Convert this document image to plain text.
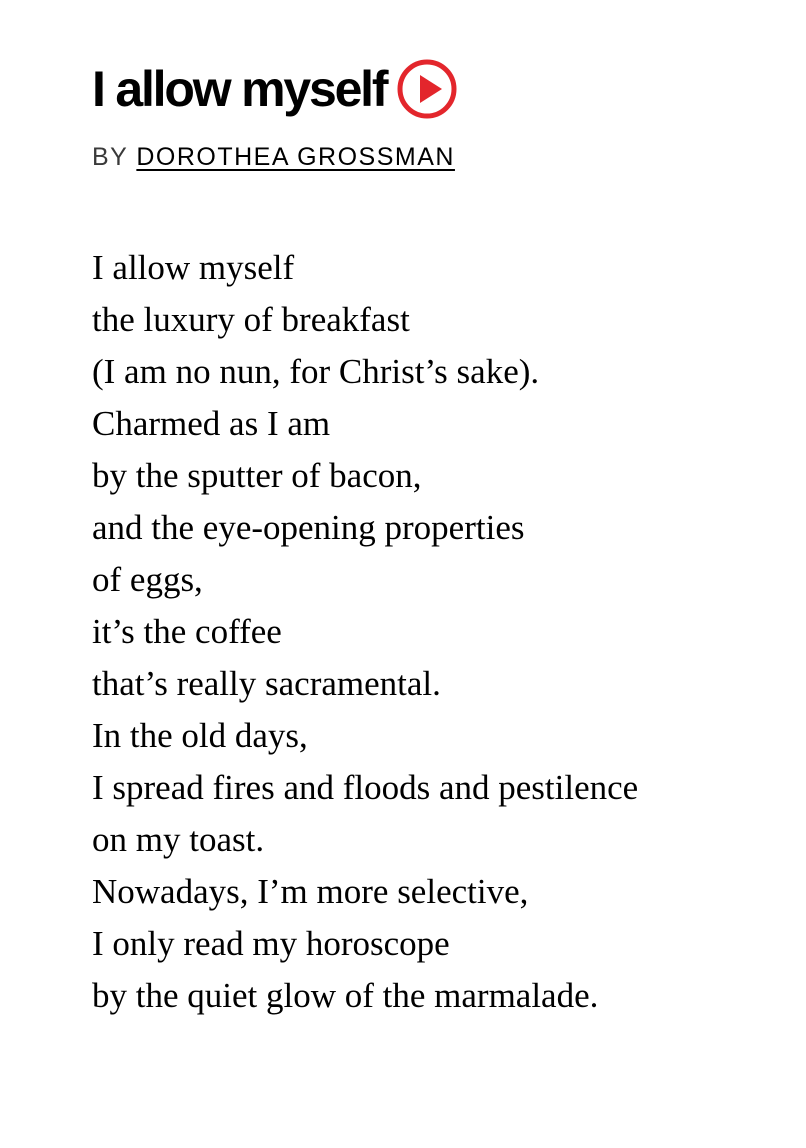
I allow myself
BY DOROTHEA GROSSMAN
I allow myself
the luxury of breakfast
(I am no nun, for Christ’s sake).
Charmed as I am
by the sputter of bacon,
and the eye-opening properties
of eggs,
it’s the coffee
that’s really sacramental.
In the old days,
I spread fires and floods and pestilence
on my toast.
Nowadays, I’m more selective,
I only read my horoscope
by the quiet glow of the marmalade.
